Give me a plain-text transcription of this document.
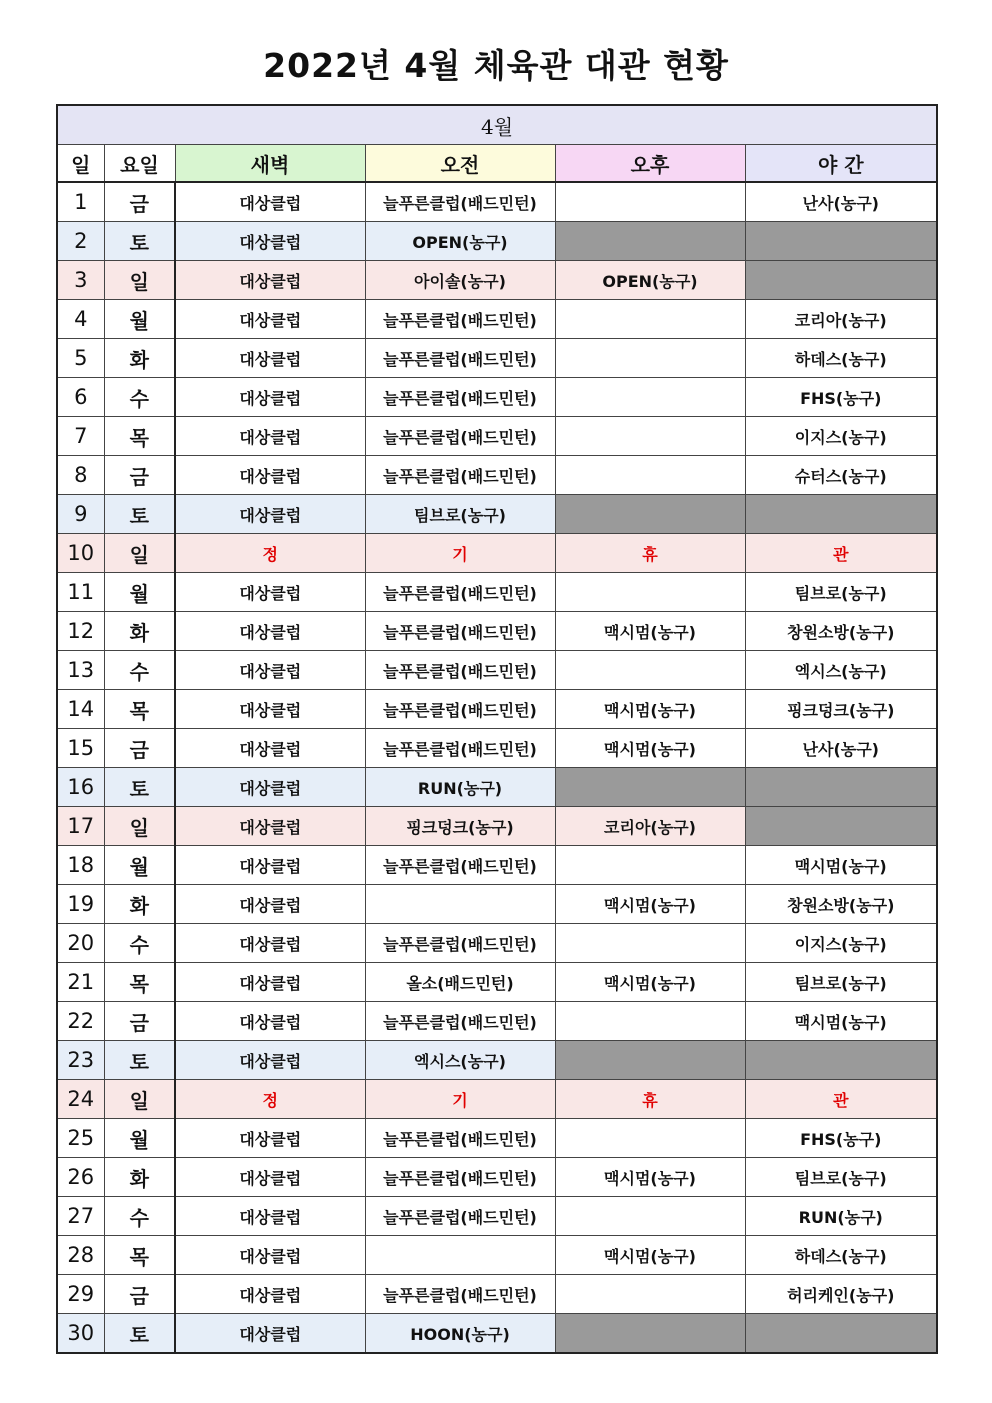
2022년 4월 체육관 대관 현황
4월					
일	요일	새벽	오전	오후	야 간
1	금	대상클럽	늘푸른클럽(배드민턴)		난사(농구)
2	토	대상클럽	OPEN(농구)		
3	일	대상클럽	아이솔(농구)	OPEN(농구)	
4	월	대상클럽	늘푸른클럽(배드민턴)		코리아(농구)
5	화	대상클럽	늘푸른클럽(배드민턴)		하데스(농구)
6	수	대상클럽	늘푸른클럽(배드민턴)		FHS(농구)
7	목	대상클럽	늘푸른클럽(배드민턴)		이지스(농구)
8	금	대상클럽	늘푸른클럽(배드민턴)		슈터스(농구)
9	토	대상클럽	팀브로(농구)		
10	일	정	기	휴	관
11	월	대상클럽	늘푸른클럽(배드민턴)		팀브로(농구)
12	화	대상클럽	늘푸른클럽(배드민턴)	맥시멈(농구)	창원소방(농구)
13	수	대상클럽	늘푸른클럽(배드민턴)		엑시스(농구)
14	목	대상클럽	늘푸른클럽(배드민턴)	맥시멈(농구)	핑크덩크(농구)
15	금	대상클럽	늘푸른클럽(배드민턴)	맥시멈(농구)	난사(농구)
16	토	대상클럽	RUN(농구)		
17	일	대상클럽	핑크덩크(농구)	코리아(농구)	
18	월	대상클럽	늘푸른클럽(배드민턴)		맥시멈(농구)
19	화	대상클럽		맥시멈(농구)	창원소방(농구)
20	수	대상클럽	늘푸른클럽(배드민턴)		이지스(농구)
21	목	대상클럽	올소(배드민턴)	맥시멈(농구)	팀브로(농구)
22	금	대상클럽	늘푸른클럽(배드민턴)		맥시멈(농구)
23	토	대상클럽	엑시스(농구)		
24	일	정	기	휴	관
25	월	대상클럽	늘푸른클럽(배드민턴)		FHS(농구)
26	화	대상클럽	늘푸른클럽(배드민턴)	맥시멈(농구)	팀브로(농구)
27	수	대상클럽	늘푸른클럽(배드민턴)		RUN(농구)
28	목	대상클럽		맥시멈(농구)	하데스(농구)
29	금	대상클럽	늘푸른클럽(배드민턴)		허리케인(농구)
30	토	대상클럽	HOON(농구)		
